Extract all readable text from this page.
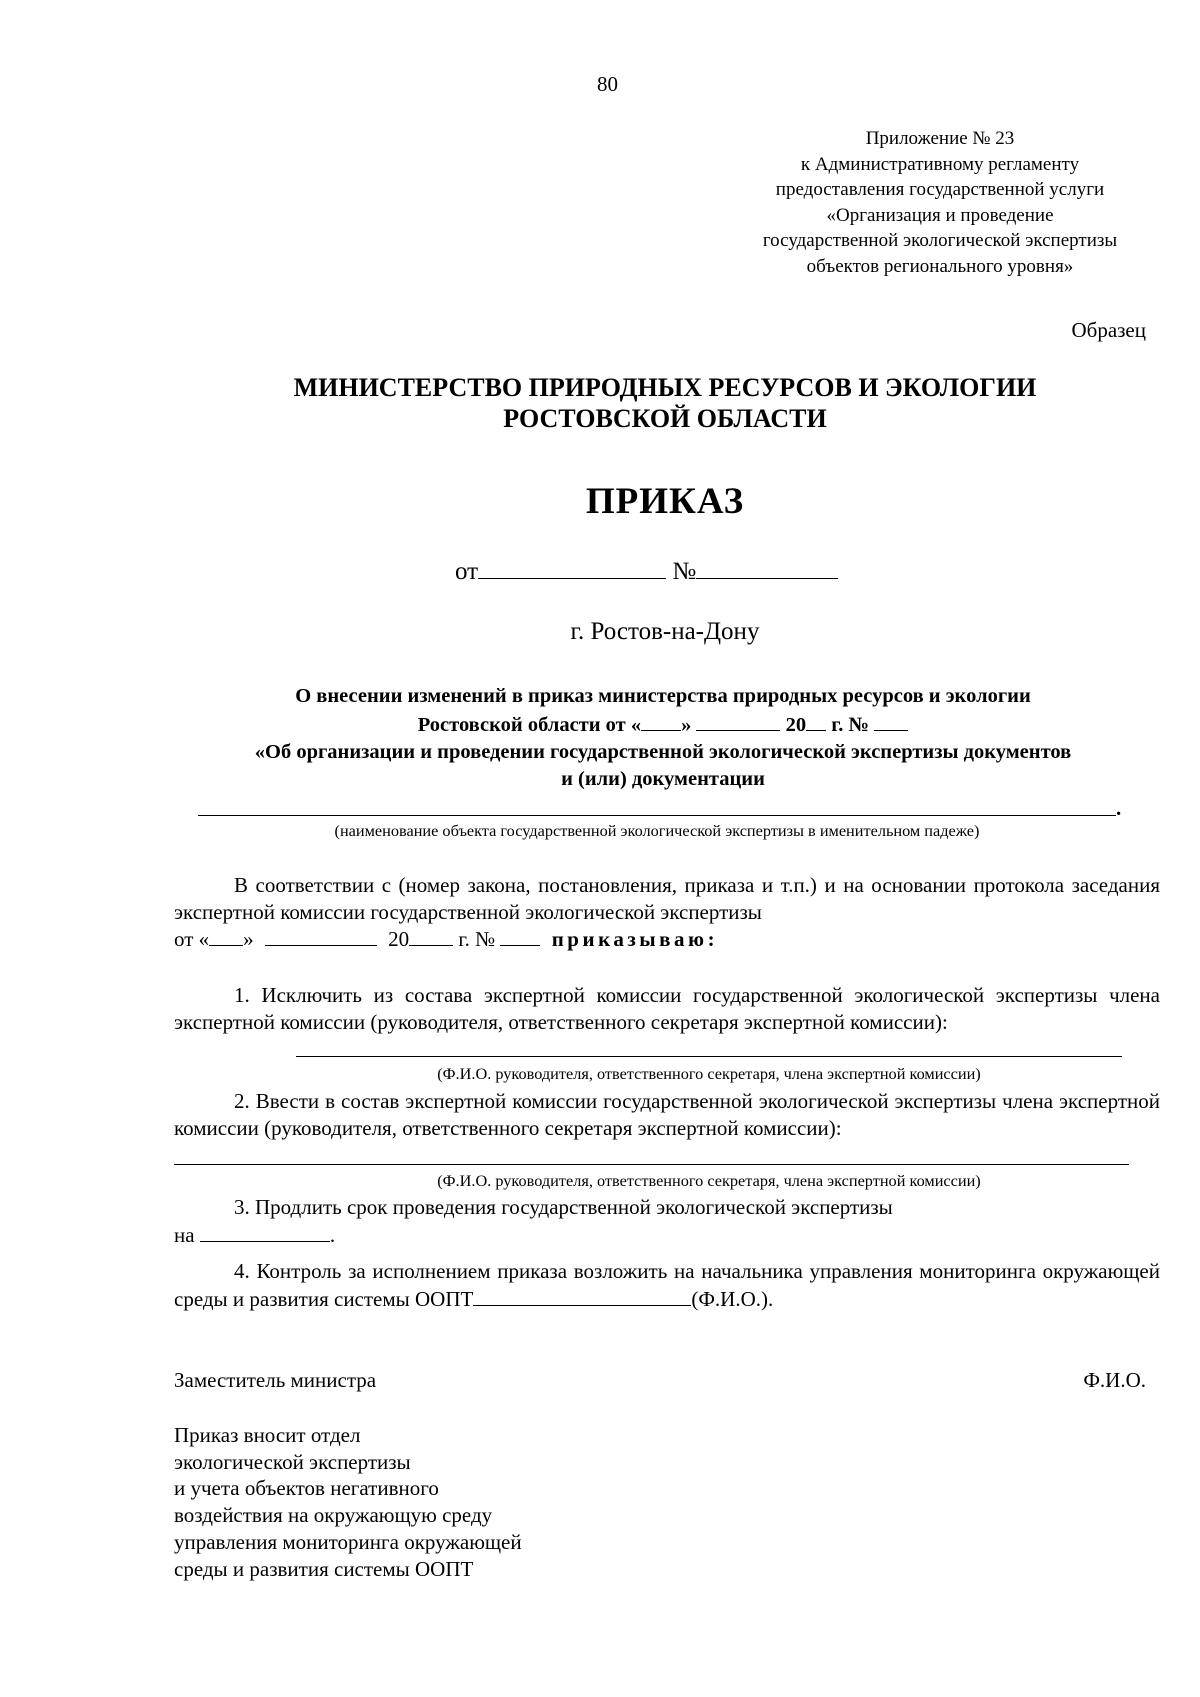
80
Приложение № 23
к Административному регламенту
предоставления государственной услуги
«Организация и проведение
государственной экологической экспертизы
объектов регионального уровня»
Образец
МИНИСТЕРСТВО ПРИРОДНЫХ РЕСУРСОВ И ЭКОЛОГИИ
РОСТОВСКОЙ ОБЛАСТИ
ПРИКАЗ
от	№
г. Ростов-на-Дону
О внесении изменений в приказ министерства природных ресурсов и экологии
Ростовской области от « »	20 г. №
«Об организации и проведении государственной экологической экспертизы документов
и (или) документации
.
(наименование объекта государственной экологической экспертизы в именительном падеже)
В соответствии с (номер закона, постановления, приказа и т.п.) и на основании протокола заседания экспертной комиссии государственной экологической экспертизы
от « »	20 г. №	приказываю:
1. Исключить из состава экспертной комиссии государственной экологической экспертизы члена экспертной комиссии (руководителя, ответственного секретаря экспертной комиссии):
(Ф.И.О. руководителя, ответственного секретаря, члена экспертной комиссии)
2. Ввести в состав экспертной комиссии государственной экологической экспертизы члена экспертной комиссии (руководителя, ответственного секретаря экспертной комиссии):
(Ф.И.О. руководителя, ответственного секретаря, члена экспертной комиссии)
3. Продлить срок проведения государственной экологической экспертизы
на	.
4. Контроль за исполнением приказа возложить на начальника управления мониторинга окружающей среды и развития системы ООПТ	(Ф.И.О.).
Заместитель министра	Ф.И.О.
Приказ вносит отдел
экологической экспертизы
и учета объектов негативного
воздействия на окружающую среду
управления мониторинга окружающей
среды и развития системы ООПТ
